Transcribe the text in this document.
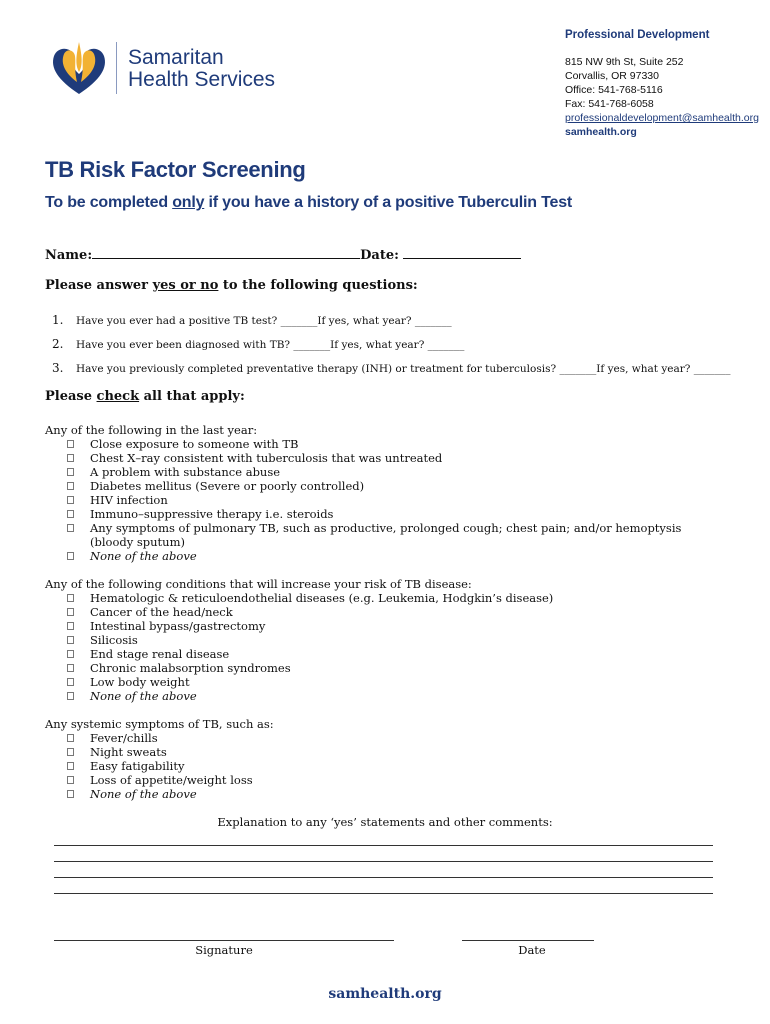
Samaritan
Health Services
Professional Development
815 NW 9th St, Suite 252
Corvallis, OR 97330
Office: 541-768-5116
Fax: 541-768-6058
professionaldevelopment@samhealth.org
samhealth.org
TB Risk Factor Screening
To be completed only if you have a history of a positive Tuberculin Test
Name:	Date:
Please answer yes or no to the following questions:
1. Have you ever had a positive TB test? _______If yes, what year? _______
2. Have you ever been diagnosed with TB? _______If yes, what year? _______
3. Have you previously completed preventative therapy (INH) or treatment for tuberculosis? _______If yes, what year? _______
Please check all that apply:
Any of the following in the last year:
Close exposure to someone with TB
Chest X–ray consistent with tuberculosis that was untreated
A problem with substance abuse
Diabetes mellitus (Severe or poorly controlled)
HIV infection
Immuno–suppressive therapy i.e. steroids
Any symptoms of pulmonary TB, such as productive, prolonged cough; chest pain; and/or hemoptysis (bloody sputum)
None of the above
Any of the following conditions that will increase your risk of TB disease:
Hematologic & reticuloendothelial diseases (e.g. Leukemia, Hodgkin’s disease)
Cancer of the head/neck
Intestinal bypass/gastrectomy
Silicosis
End stage renal disease
Chronic malabsorption syndromes
Low body weight
None of the above
Any systemic symptoms of TB, such as:
Fever/chills
Night sweats
Easy fatigability
Loss of appetite/weight loss
None of the above
Explanation to any ‘yes’ statements and other comments:
Signature	Date
samhealth.org
